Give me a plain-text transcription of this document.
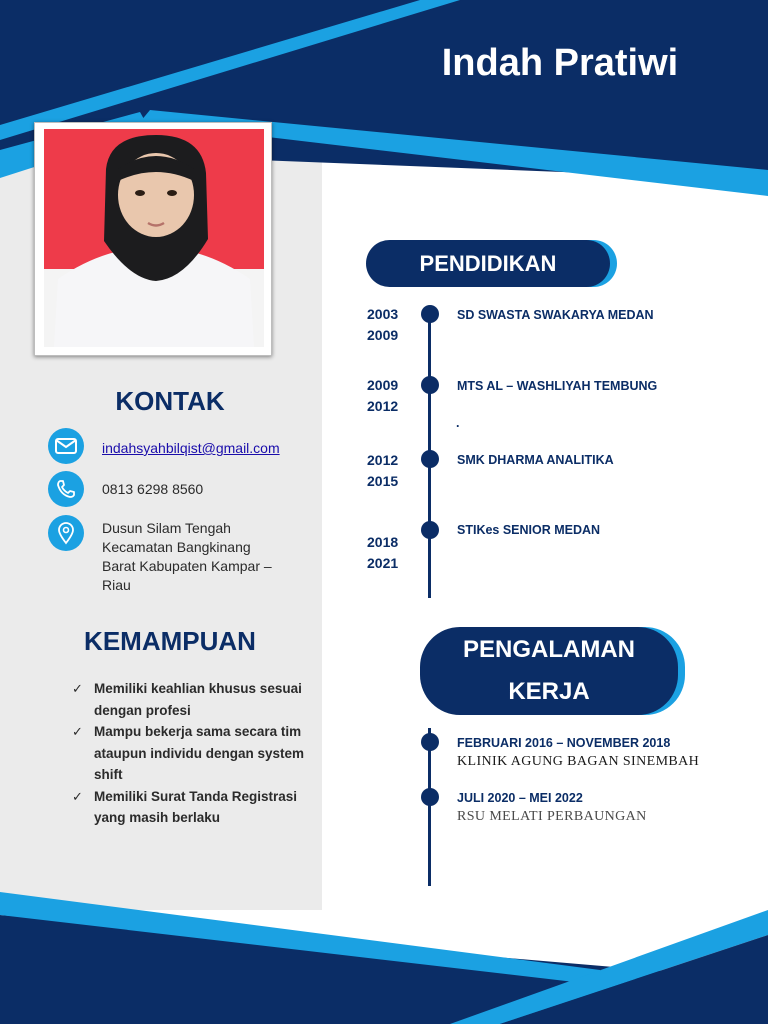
Indah Pratiwi
KONTAK
indahsyahbilqist@gmail.com
0813 6298 8560
Dusun Silam Tengah
Kecamatan Bangkinang
Barat Kabupaten Kampar –
Riau
KEMAMPUAN
✓ Memiliki keahlian khusus sesuai dengan profesi
✓ Mampu bekerja sama secara tim ataupun individu dengan system shift
✓ Memiliki Surat Tanda Registrasi yang masih berlaku
PENDIDIKAN
2003
2009
SD SWASTA SWAKARYA MEDAN
2009
2012
MTS AL – WASHLIYAH TEMBUNG
.
2012
2015
SMK DHARMA ANALITIKA
2018
2021
STIKes SENIOR MEDAN
PENGALAMAN
KERJA
FEBRUARI 2016 – NOVEMBER 2018
KLINIK AGUNG BAGAN SINEMBAH
JULI 2020 – MEI 2022
RSU MELATI PERBAUNGAN
